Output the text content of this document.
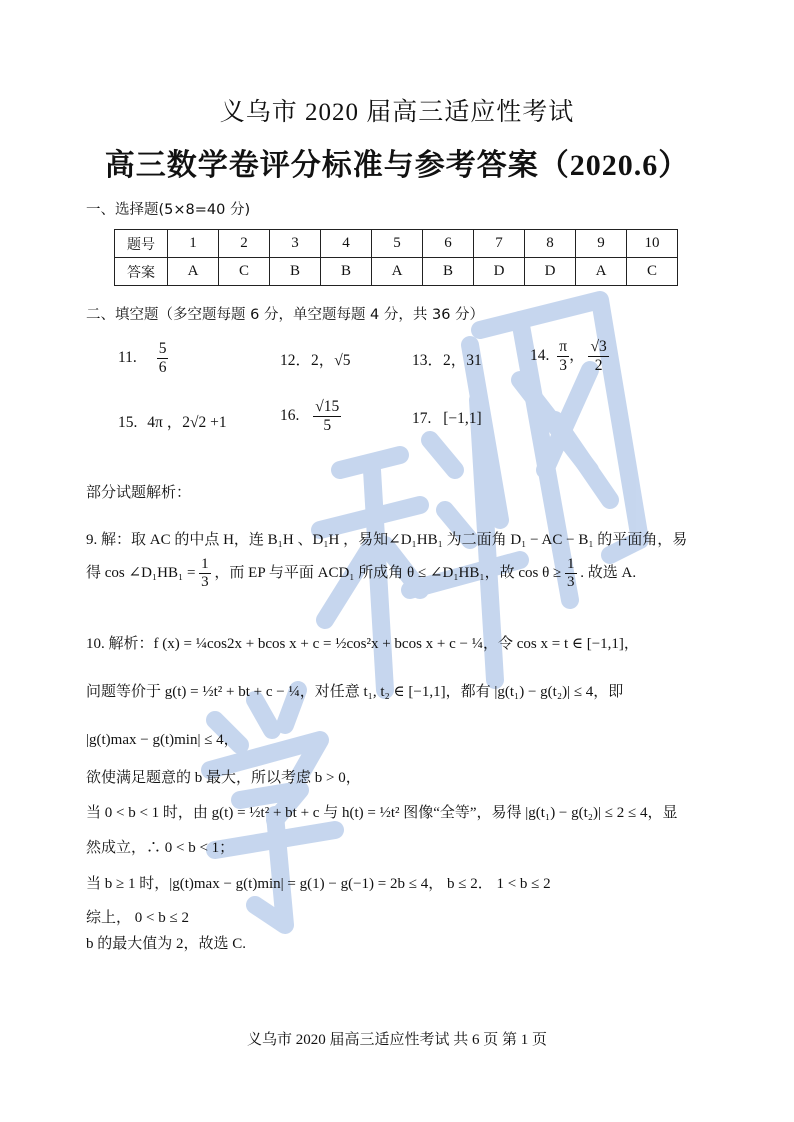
义乌市 2020 届高三适应性考试
高三数学卷评分标准与参考答案（2020.6）
一、选择题(5×8=40 分)
题号	1	2	3	4	5	6	7	8	9	10
答案	A	C	B	B	A	B	D	D	A	C
二、填空题（多空题每题 6 分，单空题每题 4 分，共 36 分）
11. $\frac{5}{6}$	12．2，√5	13．2，31	14. $\frac{\pi}{3}$ ， $\frac{√3}{2}$
15. 4π ，2√2 +1	16. $\frac{√15}{5}$	17. [−1,1]
部分试题解析：
9. 解：取 AC 的中点 H，连 B₁H 、D₁H ，易知∠D₁HB₁ 为二面角 D₁ − AC − B₁ 的平面角，易
得 cos ∠D₁HB₁ = $\frac{1}{3}$ ，而 EP 与平面 ACD₁ 所成角 θ ≤ ∠D₁HB₁，故 $\cos \theta \ge \frac{1}{3}$ . 故选 A.
10. 解析：f (x) = ¼cos2x + bcos x + c = ½cos²x + bcos x + c − ¼，令 cos x = t ∈ [−1,1]，
问题等价于 g(t) = ½t² + bt + c − ¼，对任意 t₁, t₂ ∈ [−1,1]，都有 |g(t₁) − g(t₂)| ≤ 4，即
|g(t)max − g(t)min| ≤ 4，
欲使满足题意的 b 最大，所以考虑 b > 0，
当 0 < b < 1 时，由 g(t) = ½t² + bt + c 与 h(t) = ½t² 图像“全等”，易得 |g(t₁) − g(t₂)| ≤ 2 ≤ 4，显
然成立，∴ 0 < b < 1；
当 b ≥ 1 时，|g(t)max − g(t)min| = g(1) − g(−1) = 2b ≤ 4， b ≤ 2． 1 < b ≤ 2
综上， 0 < b ≤ 2
b 的最大值为 2，故选 C.
义乌市 2020 届高三适应性考试 共 6 页 第 1 页
